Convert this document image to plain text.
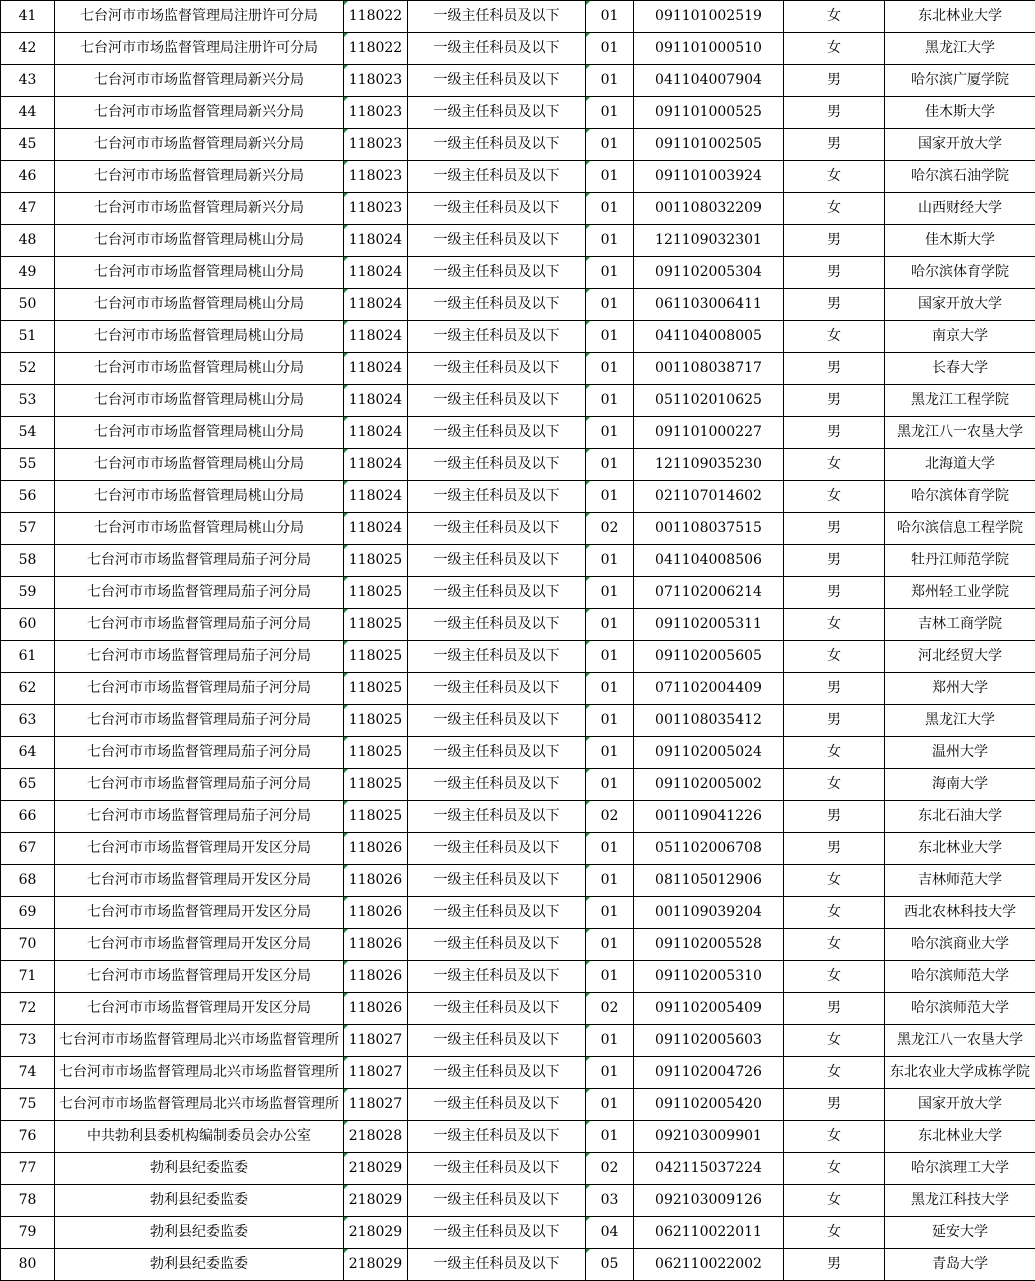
41	七台河市市场监督管理局注册许可分局	118022	一级主任科员及以下	01	091101002519	女	东北林业大学
42	七台河市市场监督管理局注册许可分局	118022	一级主任科员及以下	01	091101000510	女	黑龙江大学
43	七台河市市场监督管理局新兴分局	118023	一级主任科员及以下	01	041104007904	男	哈尔滨广厦学院
44	七台河市市场监督管理局新兴分局	118023	一级主任科员及以下	01	091101000525	男	佳木斯大学
45	七台河市市场监督管理局新兴分局	118023	一级主任科员及以下	01	091101002505	男	国家开放大学
46	七台河市市场监督管理局新兴分局	118023	一级主任科员及以下	01	091101003924	女	哈尔滨石油学院
47	七台河市市场监督管理局新兴分局	118023	一级主任科员及以下	01	001108032209	女	山西财经大学
48	七台河市市场监督管理局桃山分局	118024	一级主任科员及以下	01	121109032301	男	佳木斯大学
49	七台河市市场监督管理局桃山分局	118024	一级主任科员及以下	01	091102005304	男	哈尔滨体育学院
50	七台河市市场监督管理局桃山分局	118024	一级主任科员及以下	01	061103006411	男	国家开放大学
51	七台河市市场监督管理局桃山分局	118024	一级主任科员及以下	01	041104008005	女	南京大学
52	七台河市市场监督管理局桃山分局	118024	一级主任科员及以下	01	001108038717	男	长春大学
53	七台河市市场监督管理局桃山分局	118024	一级主任科员及以下	01	051102010625	男	黑龙江工程学院
54	七台河市市场监督管理局桃山分局	118024	一级主任科员及以下	01	091101000227	男	黑龙江八一农垦大学
55	七台河市市场监督管理局桃山分局	118024	一级主任科员及以下	01	121109035230	女	北海道大学
56	七台河市市场监督管理局桃山分局	118024	一级主任科员及以下	01	021107014602	女	哈尔滨体育学院
57	七台河市市场监督管理局桃山分局	118024	一级主任科员及以下	02	001108037515	男	哈尔滨信息工程学院
58	七台河市市场监督管理局茄子河分局	118025	一级主任科员及以下	01	041104008506	男	牡丹江师范学院
59	七台河市市场监督管理局茄子河分局	118025	一级主任科员及以下	01	071102006214	男	郑州轻工业学院
60	七台河市市场监督管理局茄子河分局	118025	一级主任科员及以下	01	091102005311	女	吉林工商学院
61	七台河市市场监督管理局茄子河分局	118025	一级主任科员及以下	01	091102005605	女	河北经贸大学
62	七台河市市场监督管理局茄子河分局	118025	一级主任科员及以下	01	071102004409	男	郑州大学
63	七台河市市场监督管理局茄子河分局	118025	一级主任科员及以下	01	001108035412	男	黑龙江大学
64	七台河市市场监督管理局茄子河分局	118025	一级主任科员及以下	01	091102005024	女	温州大学
65	七台河市市场监督管理局茄子河分局	118025	一级主任科员及以下	01	091102005002	女	海南大学
66	七台河市市场监督管理局茄子河分局	118025	一级主任科员及以下	02	001109041226	男	东北石油大学
67	七台河市市场监督管理局开发区分局	118026	一级主任科员及以下	01	051102006708	男	东北林业大学
68	七台河市市场监督管理局开发区分局	118026	一级主任科员及以下	01	081105012906	女	吉林师范大学
69	七台河市市场监督管理局开发区分局	118026	一级主任科员及以下	01	001109039204	女	西北农林科技大学
70	七台河市市场监督管理局开发区分局	118026	一级主任科员及以下	01	091102005528	女	哈尔滨商业大学
71	七台河市市场监督管理局开发区分局	118026	一级主任科员及以下	01	091102005310	女	哈尔滨师范大学
72	七台河市市场监督管理局开发区分局	118026	一级主任科员及以下	02	091102005409	男	哈尔滨师范大学
73	七台河市市场监督管理局北兴市场监督管理所	118027	一级主任科员及以下	01	091102005603	女	黑龙江八一农垦大学
74	七台河市市场监督管理局北兴市场监督管理所	118027	一级主任科员及以下	01	091102004726	女	东北农业大学成栋学院
75	七台河市市场监督管理局北兴市场监督管理所	118027	一级主任科员及以下	01	091102005420	男	国家开放大学
76	中共勃利县委机构编制委员会办公室	218028	一级主任科员及以下	01	092103009901	女	东北林业大学
77	勃利县纪委监委	218029	一级主任科员及以下	02	042115037224	女	哈尔滨理工大学
78	勃利县纪委监委	218029	一级主任科员及以下	03	092103009126	女	黑龙江科技大学
79	勃利县纪委监委	218029	一级主任科员及以下	04	062110022011	女	延安大学
80	勃利县纪委监委	218029	一级主任科员及以下	05	062110022002	男	青岛大学
